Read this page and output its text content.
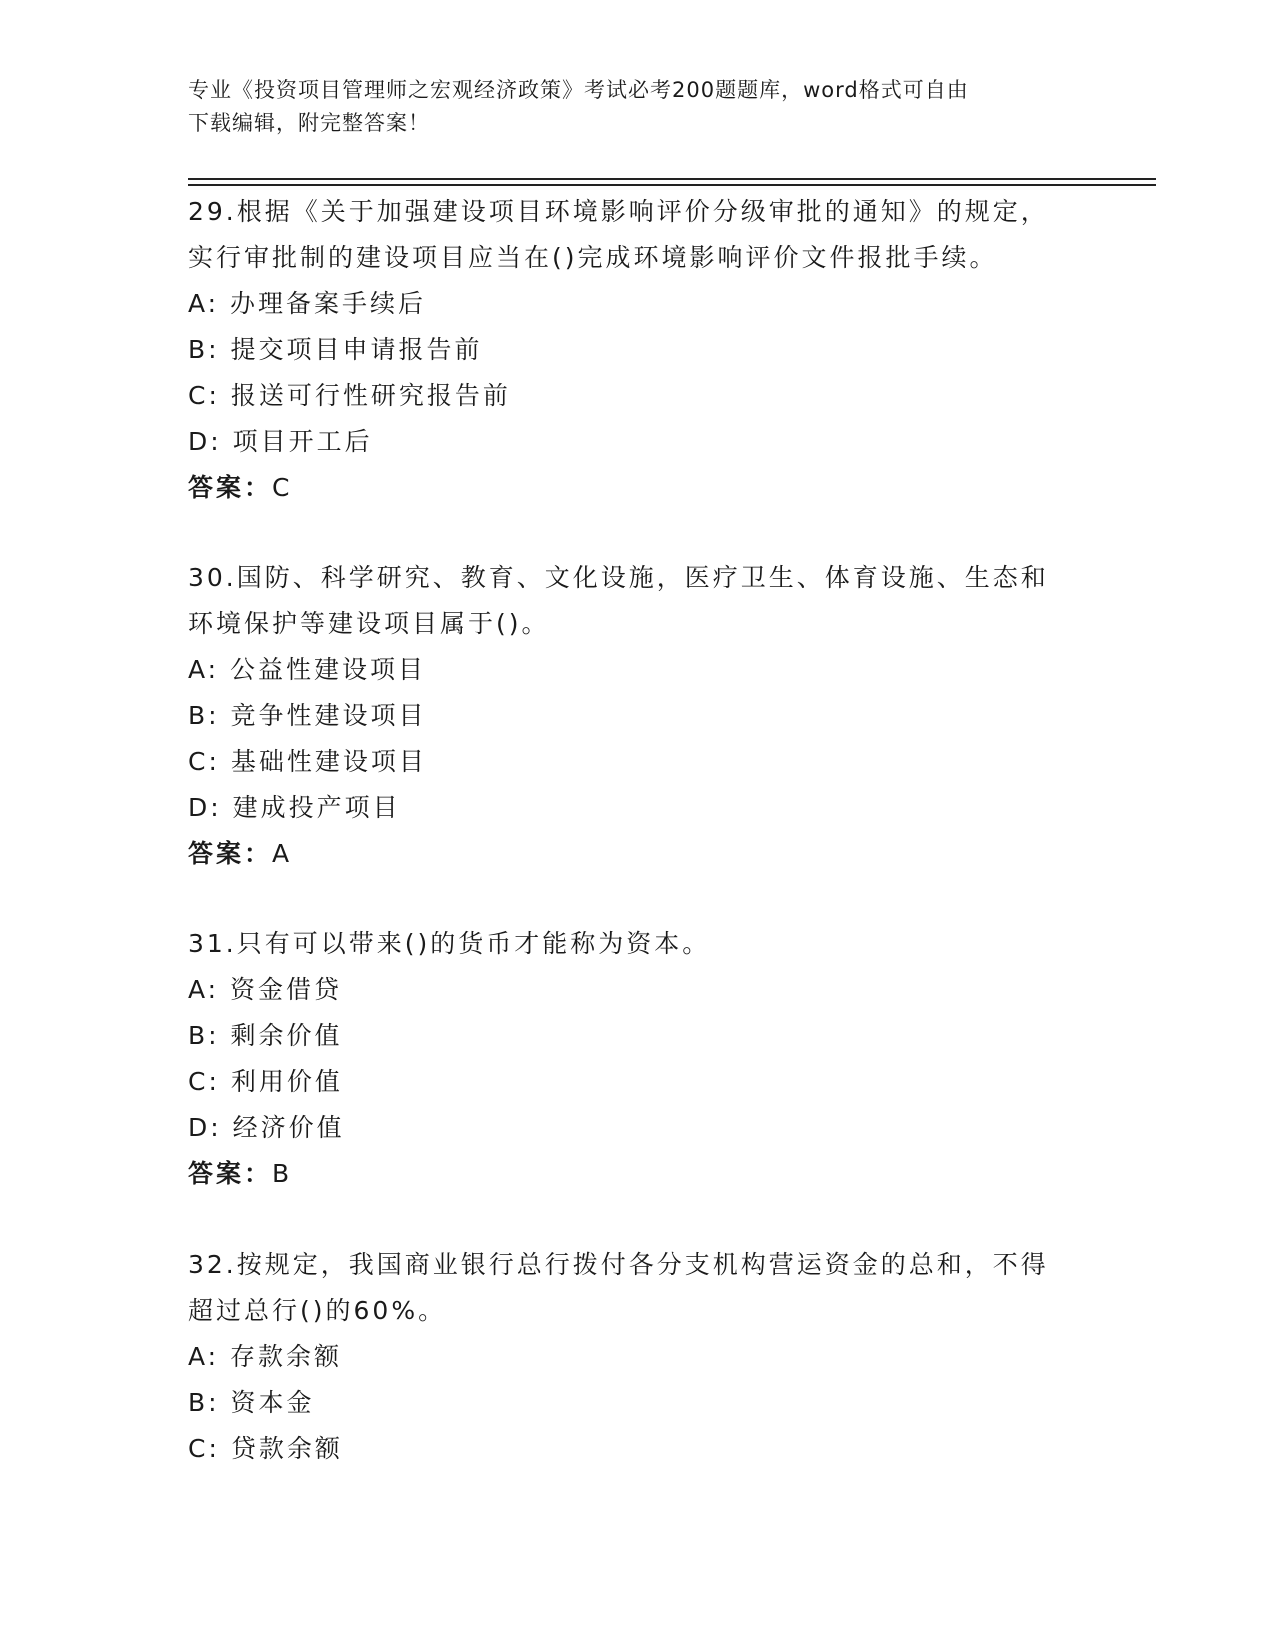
专业《投资项目管理师之宏观经济政策》考试必考200题题库，word格式可自由
下载编辑，附完整答案！
29.根据《关于加强建设项目环境影响评价分级审批的通知》的规定，
实行审批制的建设项目应当在()完成环境影响评价文件报批手续。
A: 办理备案手续后
B: 提交项目申请报告前
C: 报送可行性研究报告前
D: 项目开工后
答案：C
30.国防、科学研究、教育、文化设施，医疗卫生、体育设施、生态和
环境保护等建设项目属于()。
A: 公益性建设项目
B: 竞争性建设项目
C: 基础性建设项目
D: 建成投产项目
答案：A
31.只有可以带来()的货币才能称为资本。
A: 资金借贷
B: 剩余价值
C: 利用价值
D: 经济价值
答案：B
32.按规定，我国商业银行总行拨付各分支机构营运资金的总和，不得
超过总行()的60%。
A: 存款余额
B: 资本金
C: 贷款余额
